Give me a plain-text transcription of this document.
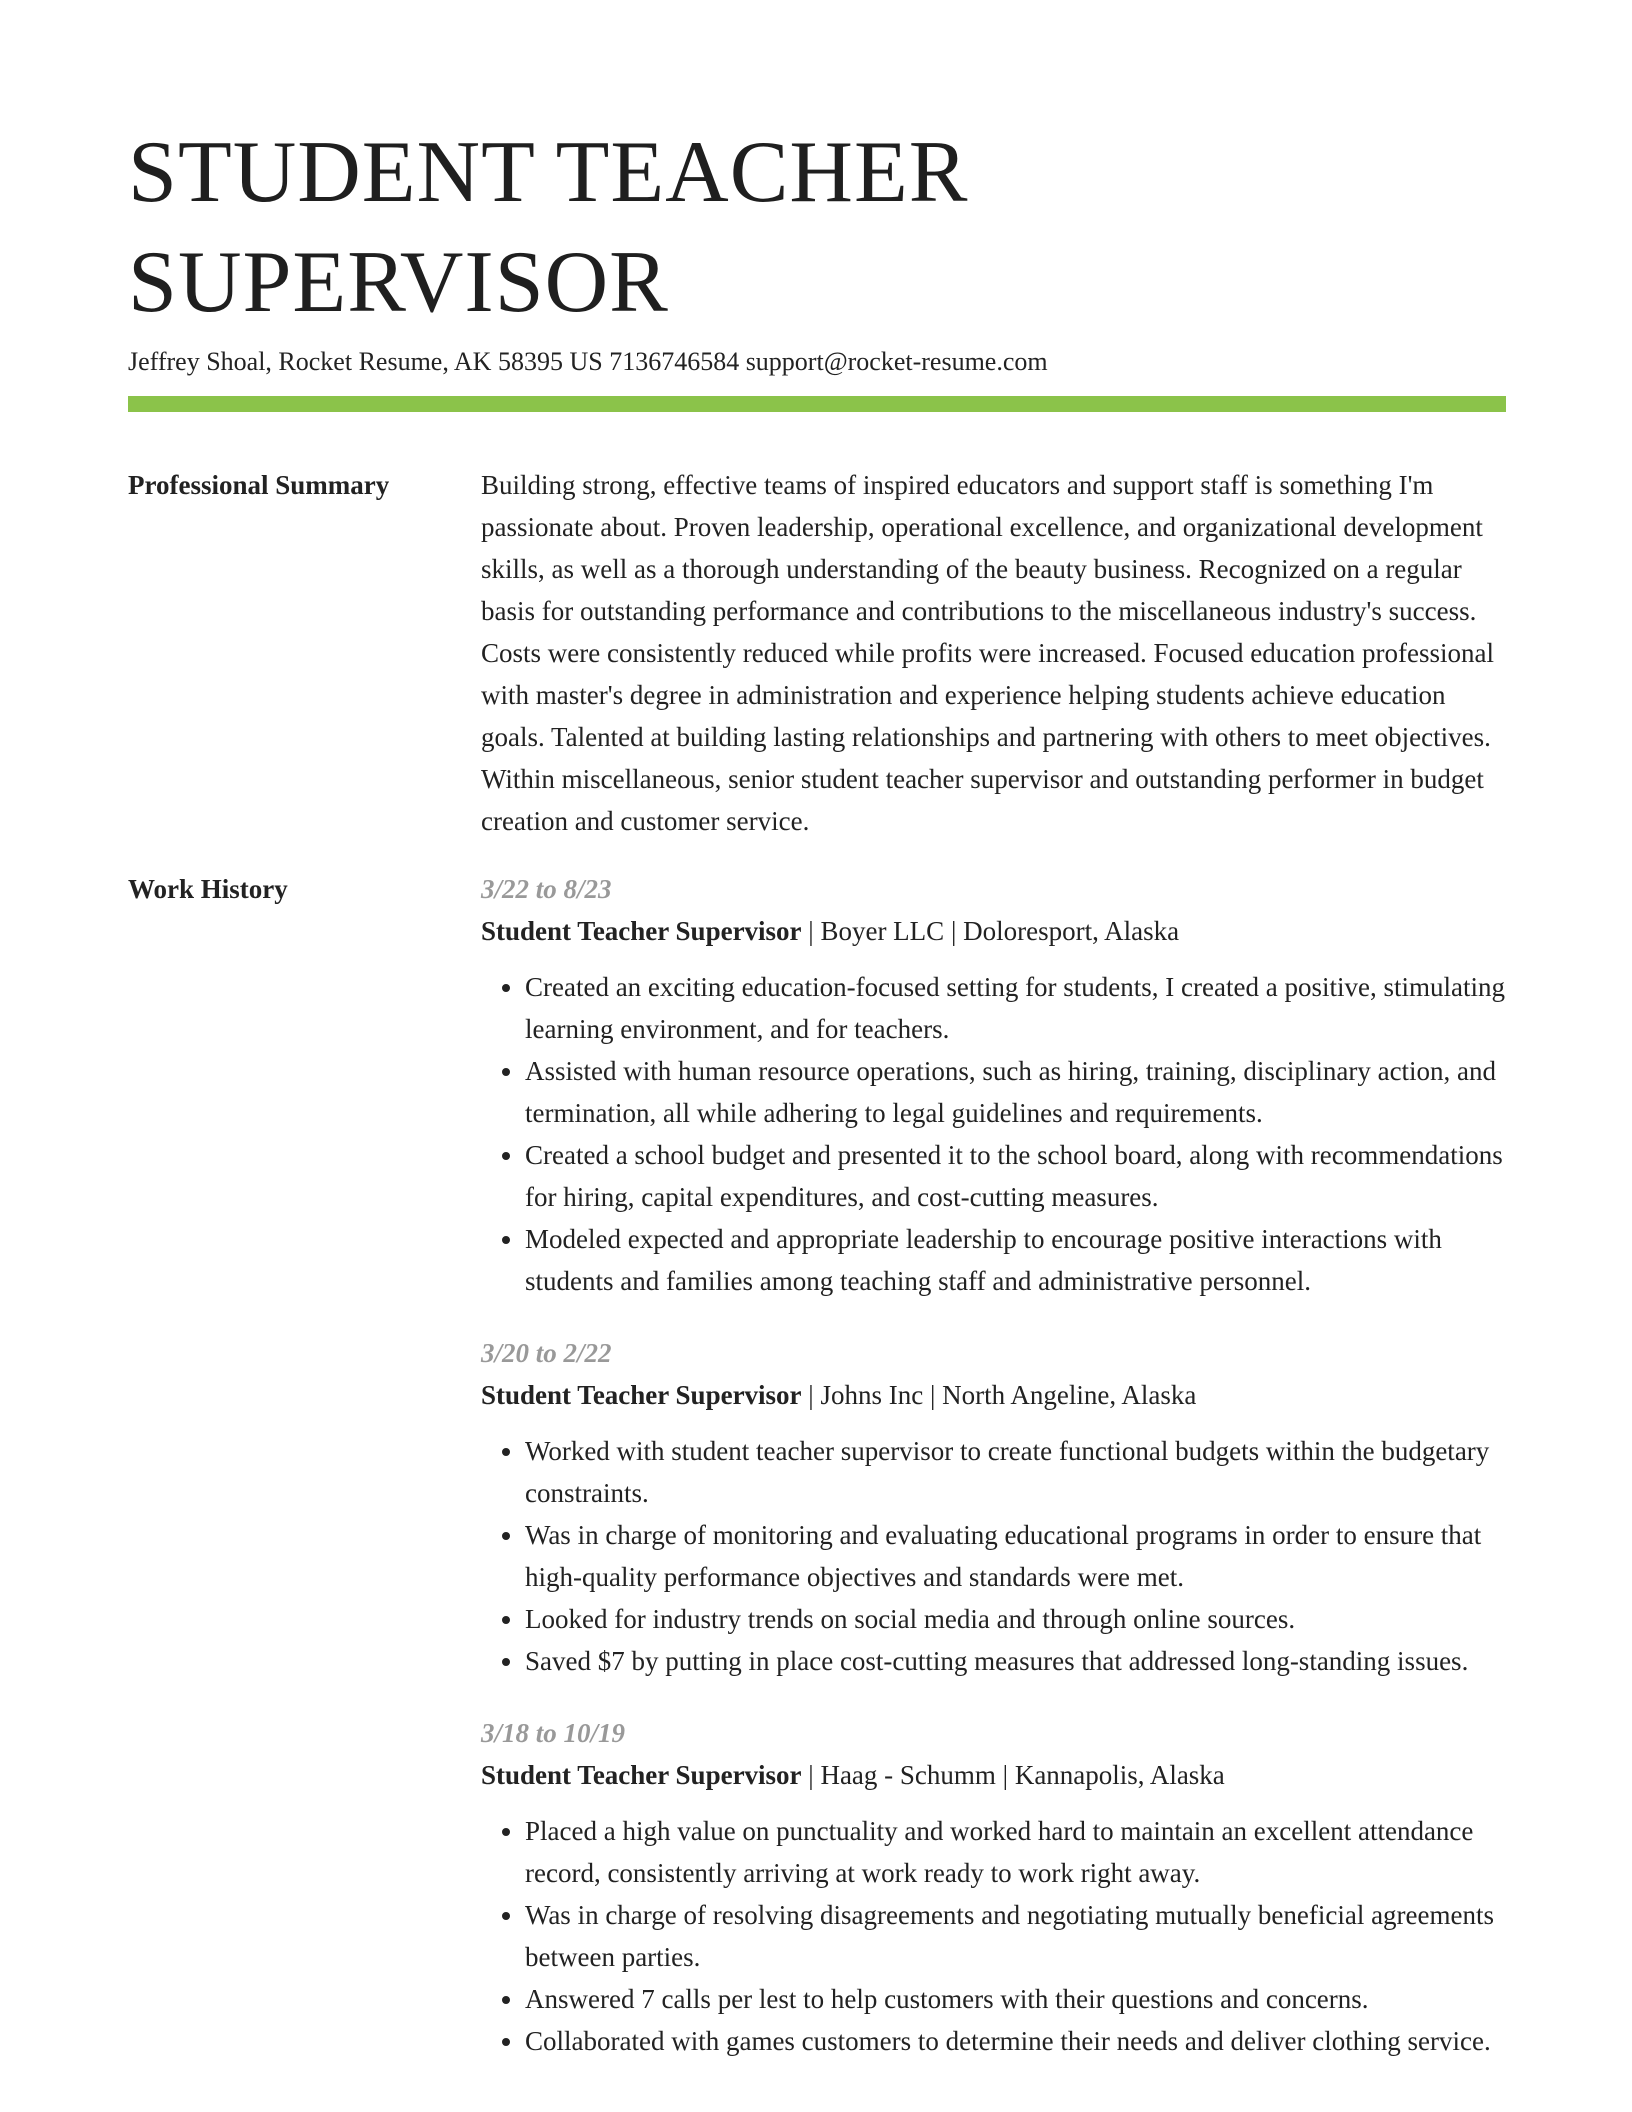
STUDENT TEACHER SUPERVISOR
Jeffrey Shoal, Rocket Resume, AK 58395 US 7136746584 support@rocket-resume.com
Professional Summary	Building strong, effective teams of inspired educators and support staff is something I'm passionate about. Proven leadership, operational excellence, and organizational development skills, as well as a thorough understanding of the beauty business. Recognized on a regular basis for outstanding performance and contributions to the miscellaneous industry's success. Costs were consistently reduced while profits were increased. Focused education professional with master's degree in administration and experience helping students achieve education goals. Talented at building lasting relationships and partnering with others to meet objectives. Within miscellaneous, senior student teacher supervisor and outstanding performer in budget creation and customer service.

Work History	3/22 to 8/23

Student Teacher Supervisor | Boyer LLC | Doloresport, Alaska

• Created an exciting education-focused setting for students, I created a positive, stimulating learning environment, and for teachers.
• Assisted with human resource operations, such as hiring, training, disciplinary action, and termination, all while adhering to legal guidelines and requirements.
• Created a school budget and presented it to the school board, along with recommendations for hiring, capital expenditures, and cost-cutting measures.
• Modeled expected and appropriate leadership to encourage positive interactions with students and families among teaching staff and administrative personnel.
3/20 to 2/22

Student Teacher Supervisor | Johns Inc | North Angeline, Alaska

• Worked with student teacher supervisor to create functional budgets within the budgetary constraints.
• Was in charge of monitoring and evaluating educational programs in order to ensure that high-quality performance objectives and standards were met.
• Looked for industry trends on social media and through online sources.
• Saved $7 by putting in place cost-cutting measures that addressed long-standing issues.
3/18 to 10/19

Student Teacher Supervisor | Haag - Schumm | Kannapolis, Alaska

• Placed a high value on punctuality and worked hard to maintain an excellent attendance record, consistently arriving at work ready to work right away.
• Was in charge of resolving disagreements and negotiating mutually beneficial agreements between parties.
• Answered 7 calls per lest to help customers with their questions and concerns.
• Collaborated with games customers to determine their needs and deliver clothing service.
